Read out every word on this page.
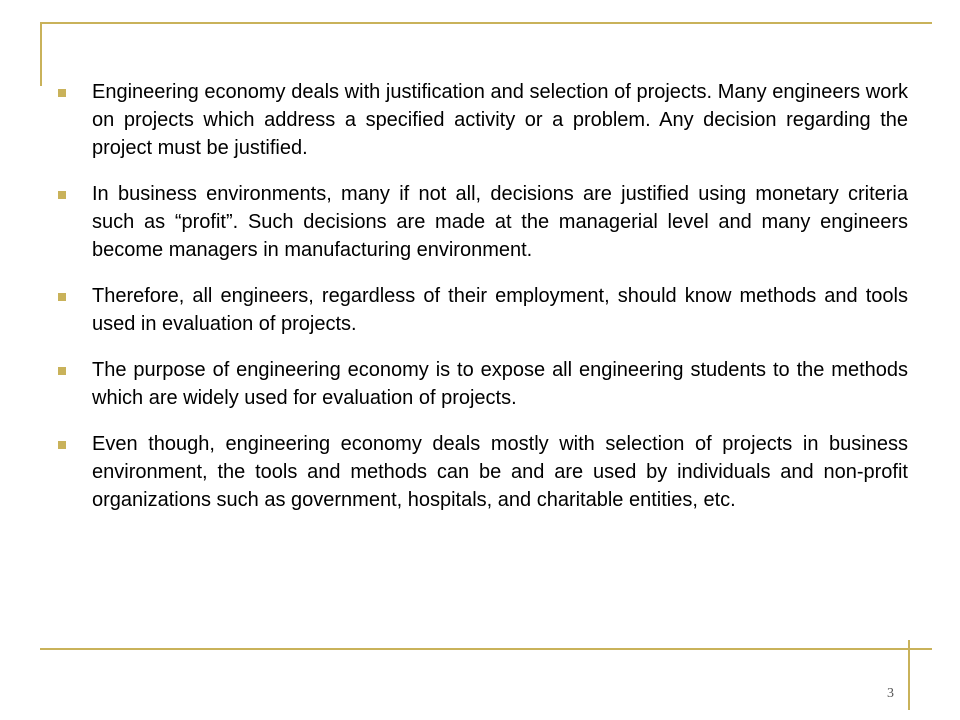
Engineering economy deals with justification and selection of projects. Many engineers work on projects which address a specified activity or a problem. Any decision regarding the project must be justified.
In business environments, many if not all, decisions are justified using monetary criteria such as “profit”. Such decisions are made at the managerial level and many engineers become managers in manufacturing environment.
Therefore, all engineers, regardless of their employment, should know methods and tools used in evaluation of projects.
The purpose of engineering economy is to expose all engineering students to the methods which are widely used for evaluation of projects.
Even though, engineering economy deals mostly with selection of projects in business environment, the tools and methods can be and are used by individuals and non-profit organizations such as government, hospitals, and charitable entities, etc.
3
